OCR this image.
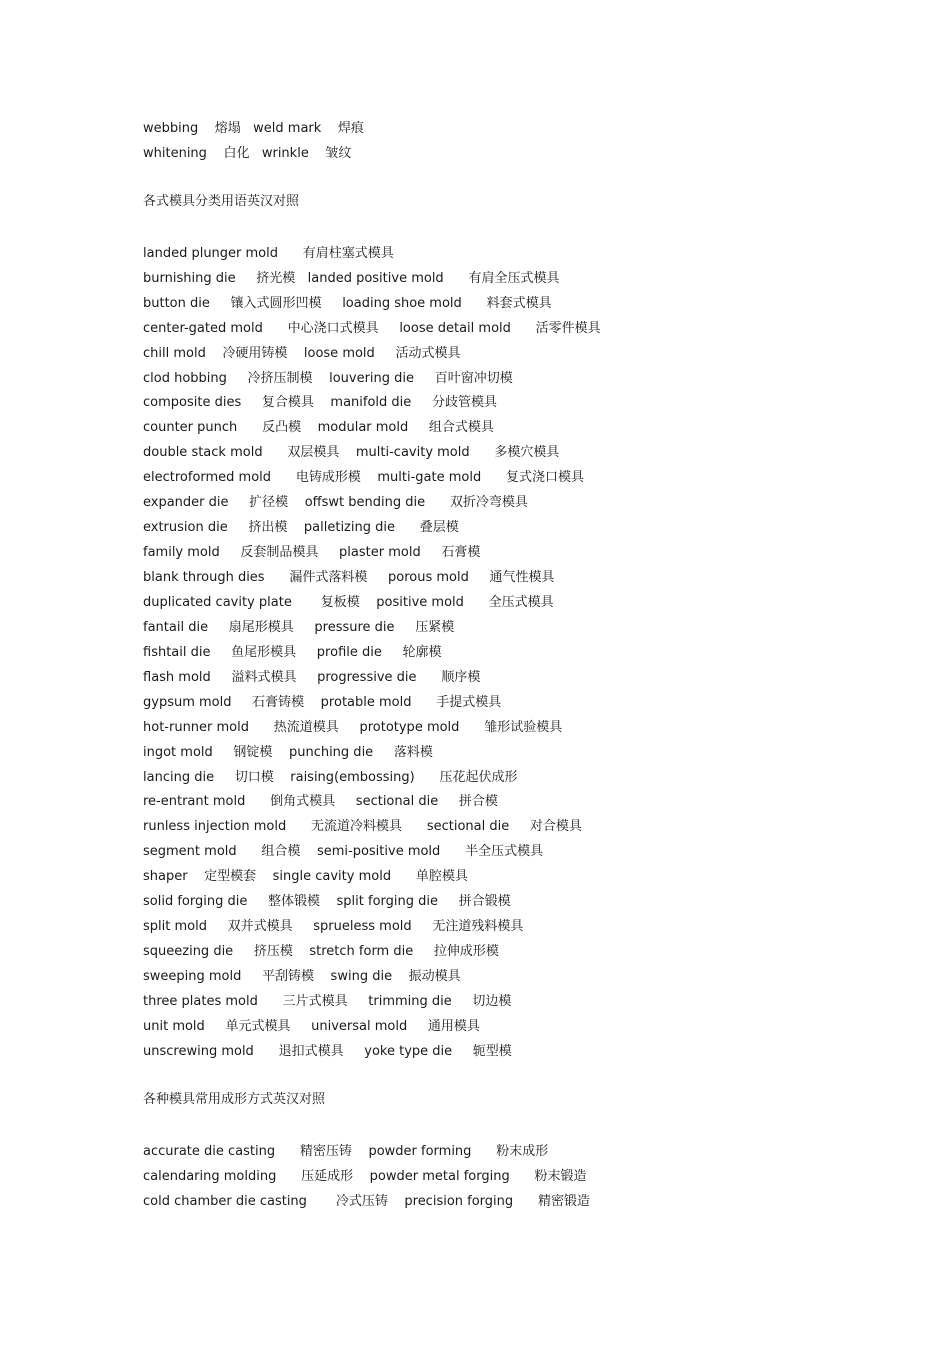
webbing    熔塌   weld mark    焊痕
whitening    白化   wrinkle    皱纹
各式模具分类用语英汉对照
landed plunger mold      有肩柱塞式模具
burnishing die     挤光模   landed positive mold      有肩全压式模具
button die     镶入式圆形凹模     loading shoe mold      料套式模具
center-gated mold      中心浇口式模具     loose detail mold      活零件模具
chill mold    冷硬用铸模    loose mold     活动式模具
clod hobbing     冷挤压制模    louvering die     百叶窗冲切模
composite dies     复合模具    manifold die     分歧管模具
counter punch      反凸模    modular mold     组合式模具
double stack mold      双层模具    multi-cavity mold      多模穴模具
electroformed mold      电铸成形模    multi-gate mold      复式浇口模具
expander die     扩径模    offswt bending die      双折冷弯模具
extrusion die     挤出模    palletizing die      叠层模
family mold     反套制品模具     plaster mold     石膏模
blank through dies      漏件式落料模     porous mold     通气性模具
duplicated cavity plate       复板模    positive mold      全压式模具
fantail die     扇尾形模具     pressure die     压紧模
fishtail die     鱼尾形模具     profile die     轮廓模
flash mold     溢料式模具     progressive die      顺序模
gypsum mold     石膏铸模    protable mold      手提式模具
hot-runner mold      热流道模具     prototype mold      雏形试验模具
ingot mold     钢锭模    punching die     落料模
lancing die     切口模    raising(embossing)      压花起伏成形
re-entrant mold      倒角式模具     sectional die     拼合模
runless injection mold      无流道冷料模具      sectional die     对合模具
segment mold      组合模    semi-positive mold      半全压式模具
shaper    定型模套    single cavity mold      单腔模具
solid forging die     整体锻模    split forging die     拼合锻模
split mold     双并式模具     sprueless mold     无注道残料模具
squeezing die     挤压模    stretch form die     拉伸成形模
sweeping mold     平刮铸模    swing die    振动模具
three plates mold      三片式模具     trimming die     切边模
unit mold     单元式模具     universal mold     通用模具
unscrewing mold      退扣式模具     yoke type die     轭型模
各种模具常用成形方式英汉对照
accurate die casting      精密压铸    powder forming      粉末成形
calendaring molding      压延成形    powder metal forging      粉末锻造
cold chamber die casting       冷式压铸    precision forging      精密锻造
